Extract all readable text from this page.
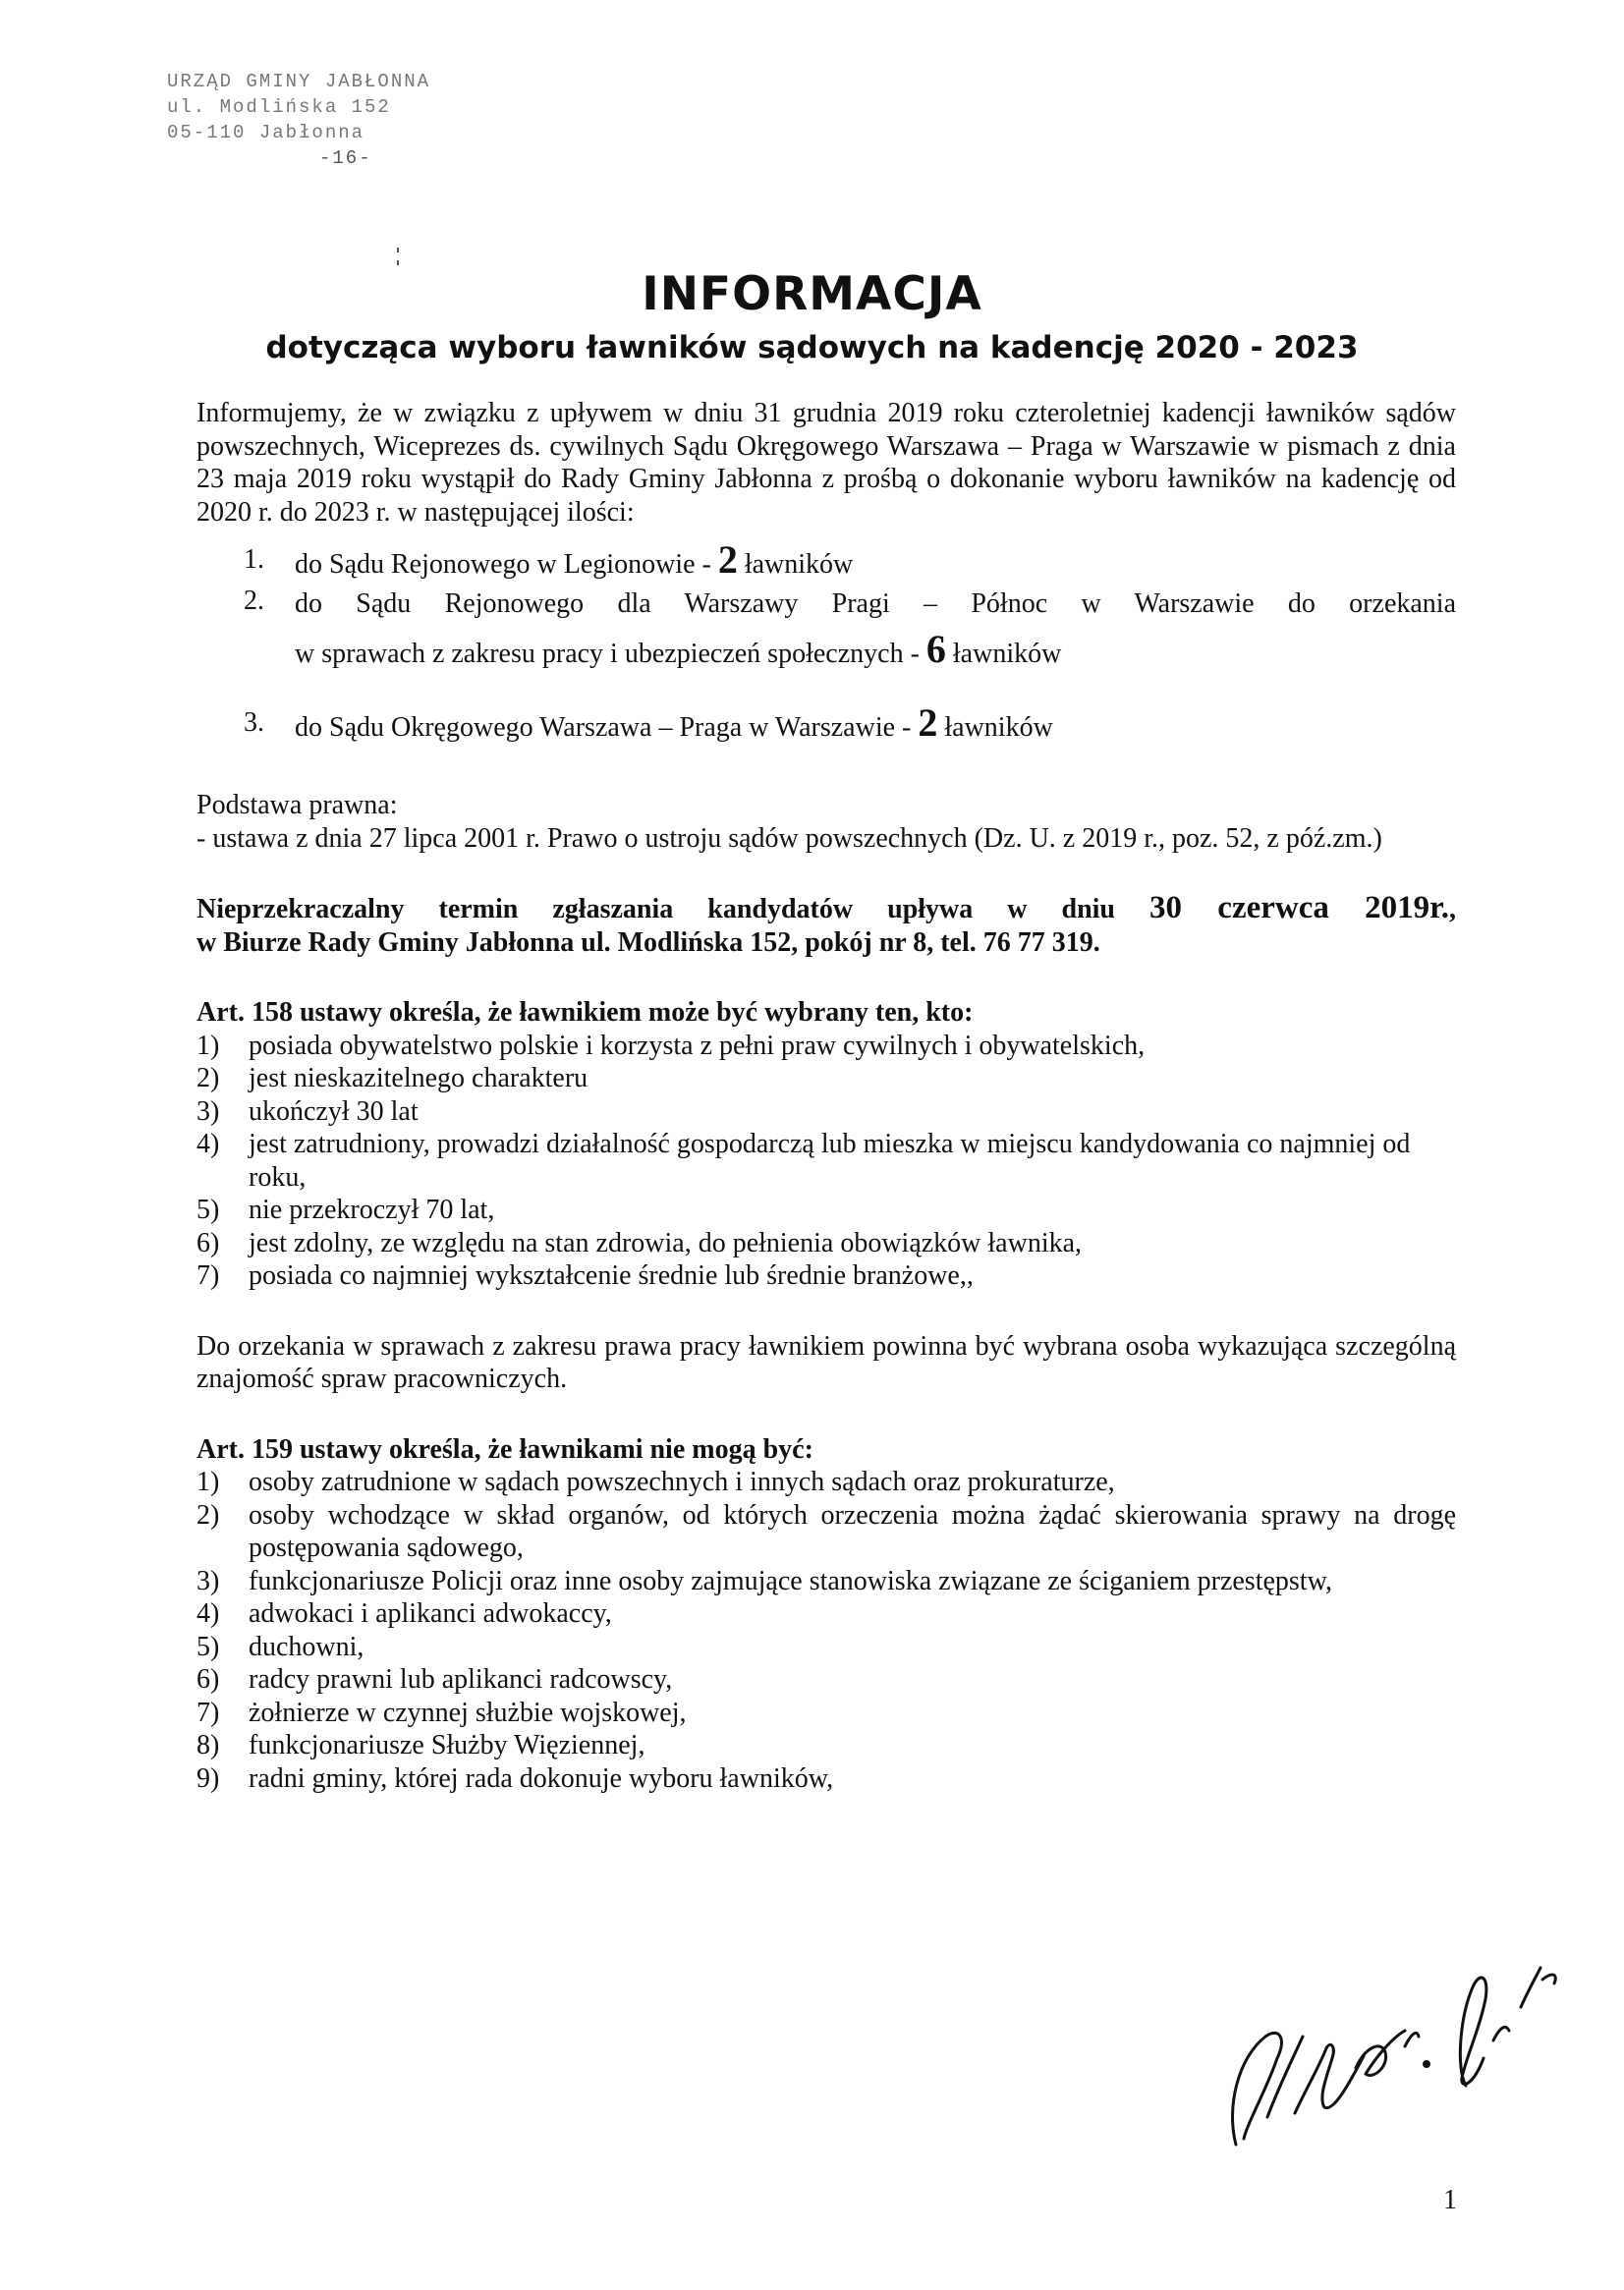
URZĄD GMINY JABŁONNA
ul. Modlińska 152
05-110 Jabłonna
-16-
INFORMACJA
dotycząca wyboru ławników sądowych na kadencję 2020 - 2023

Informujemy, że w związku z upływem w dniu 31 grudnia 2019 roku czteroletniej kadencji ławników sądów powszechnych, Wiceprezes ds. cywilnych Sądu Okręgowego Warszawa – Praga w Warszawie w pismach z dnia 23 maja 2019 roku wystąpił do Rady Gminy Jabłonna z prośbą o dokonanie wyboru ławników na kadencję od 2020 r. do 2023 r. w następującej ilości:

1. do Sądu Rejonowego w Legionowie - 2 ławników
2. do Sądu Rejonowego dla Warszawy Pragi – Północ w Warszawie do orzekania
w sprawach z zakresu pracy i ubezpieczeń społecznych - 6 ławników
3. do Sądu Okręgowego Warszawa – Praga w Warszawie - 2 ławników

Podstawa prawna:

- ustawa z dnia 27 lipca 2001 r. Prawo o ustroju sądów powszechnych (Dz. U. z 2019 r., poz. 52, z póź.zm.)

Nieprzekraczalny termin zgłaszania kandydatów upływa w dniu 30 czerwca 2019r.,

w Biurze Rady Gminy Jabłonna ul. Modlińska 152, pokój nr 8, tel. 76 77 319.

Art. 158 ustawy określa, że ławnikiem może być wybrany ten, kto:

1) posiada obywatelstwo polskie i korzysta z pełni praw cywilnych i obywatelskich,
2) jest nieskazitelnego charakteru
3) ukończył 30 lat
4) jest zatrudniony, prowadzi działalność gospodarczą lub mieszka w miejscu kandydowania co najmniej od roku,
5) nie przekroczył 70 lat,
6) jest zdolny, ze względu na stan zdrowia, do pełnienia obowiązków ławnika,
7) posiada co najmniej wykształcenie średnie lub średnie branżowe,,

Do orzekania w sprawach z zakresu prawa pracy ławnikiem powinna być wybrana osoba wykazująca szczególną znajomość spraw pracowniczych.

Art. 159 ustawy określa, że ławnikami nie mogą być:

1) osoby zatrudnione w sądach powszechnych i innych sądach oraz prokuraturze,
2) osoby wchodzące w skład organów, od których orzeczenia można żądać skierowania sprawy na drogę postępowania sądowego,
3) funkcjonariusze Policji oraz inne osoby zajmujące stanowiska związane ze ściganiem przestępstw,
4) adwokaci i aplikanci adwokaccy,
5) duchowni,
6) radcy prawni lub aplikanci radcowscy,
7) żołnierze w czynnej służbie wojskowej,
8) funkcjonariusze Służby Więziennej,
9) radni gminy, której rada dokonuje wyboru ławników,
1
